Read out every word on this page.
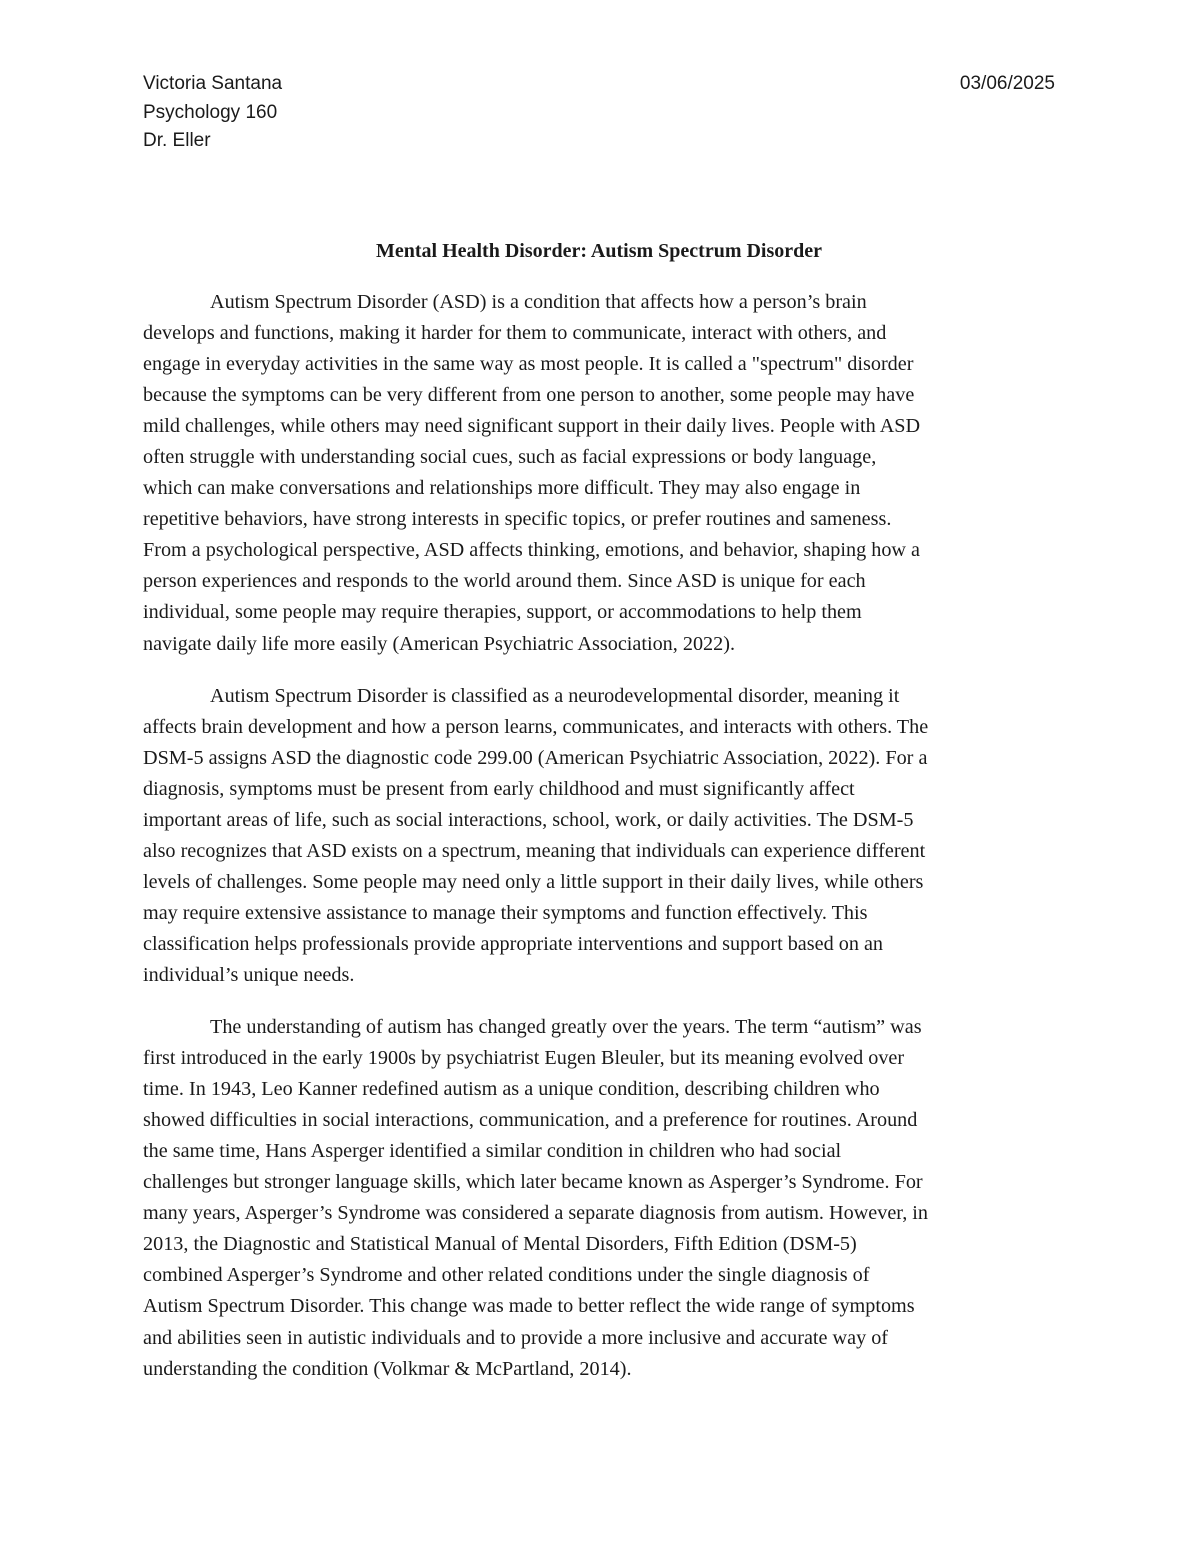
Victoria Santana	03/06/2025
Psychology 160
Dr. Eller
Mental Health Disorder: Autism Spectrum Disorder
Autism Spectrum Disorder (ASD) is a condition that affects how a person’s brain
develops and functions, making it harder for them to communicate, interact with others, and
engage in everyday activities in the same way as most people. It is called a "spectrum" disorder
because the symptoms can be very different from one person to another, some people may have
mild challenges, while others may need significant support in their daily lives. People with ASD
often struggle with understanding social cues, such as facial expressions or body language,
which can make conversations and relationships more difficult. They may also engage in
repetitive behaviors, have strong interests in specific topics, or prefer routines and sameness.
From a psychological perspective, ASD affects thinking, emotions, and behavior, shaping how a
person experiences and responds to the world around them. Since ASD is unique for each
individual, some people may require therapies, support, or accommodations to help them
navigate daily life more easily (American Psychiatric Association, 2022).
Autism Spectrum Disorder is classified as a neurodevelopmental disorder, meaning it
affects brain development and how a person learns, communicates, and interacts with others. The
DSM-5 assigns ASD the diagnostic code 299.00 (American Psychiatric Association, 2022). For a
diagnosis, symptoms must be present from early childhood and must significantly affect
important areas of life, such as social interactions, school, work, or daily activities. The DSM-5
also recognizes that ASD exists on a spectrum, meaning that individuals can experience different
levels of challenges. Some people may need only a little support in their daily lives, while others
may require extensive assistance to manage their symptoms and function effectively. This
classification helps professionals provide appropriate interventions and support based on an
individual’s unique needs.
The understanding of autism has changed greatly over the years. The term “autism” was
first introduced in the early 1900s by psychiatrist Eugen Bleuler, but its meaning evolved over
time. In 1943, Leo Kanner redefined autism as a unique condition, describing children who
showed difficulties in social interactions, communication, and a preference for routines. Around
the same time, Hans Asperger identified a similar condition in children who had social
challenges but stronger language skills, which later became known as Asperger’s Syndrome. For
many years, Asperger’s Syndrome was considered a separate diagnosis from autism. However, in
2013, the Diagnostic and Statistical Manual of Mental Disorders, Fifth Edition (DSM-5)
combined Asperger’s Syndrome and other related conditions under the single diagnosis of
Autism Spectrum Disorder. This change was made to better reflect the wide range of symptoms
and abilities seen in autistic individuals and to provide a more inclusive and accurate way of
understanding the condition (Volkmar & McPartland, 2014).
